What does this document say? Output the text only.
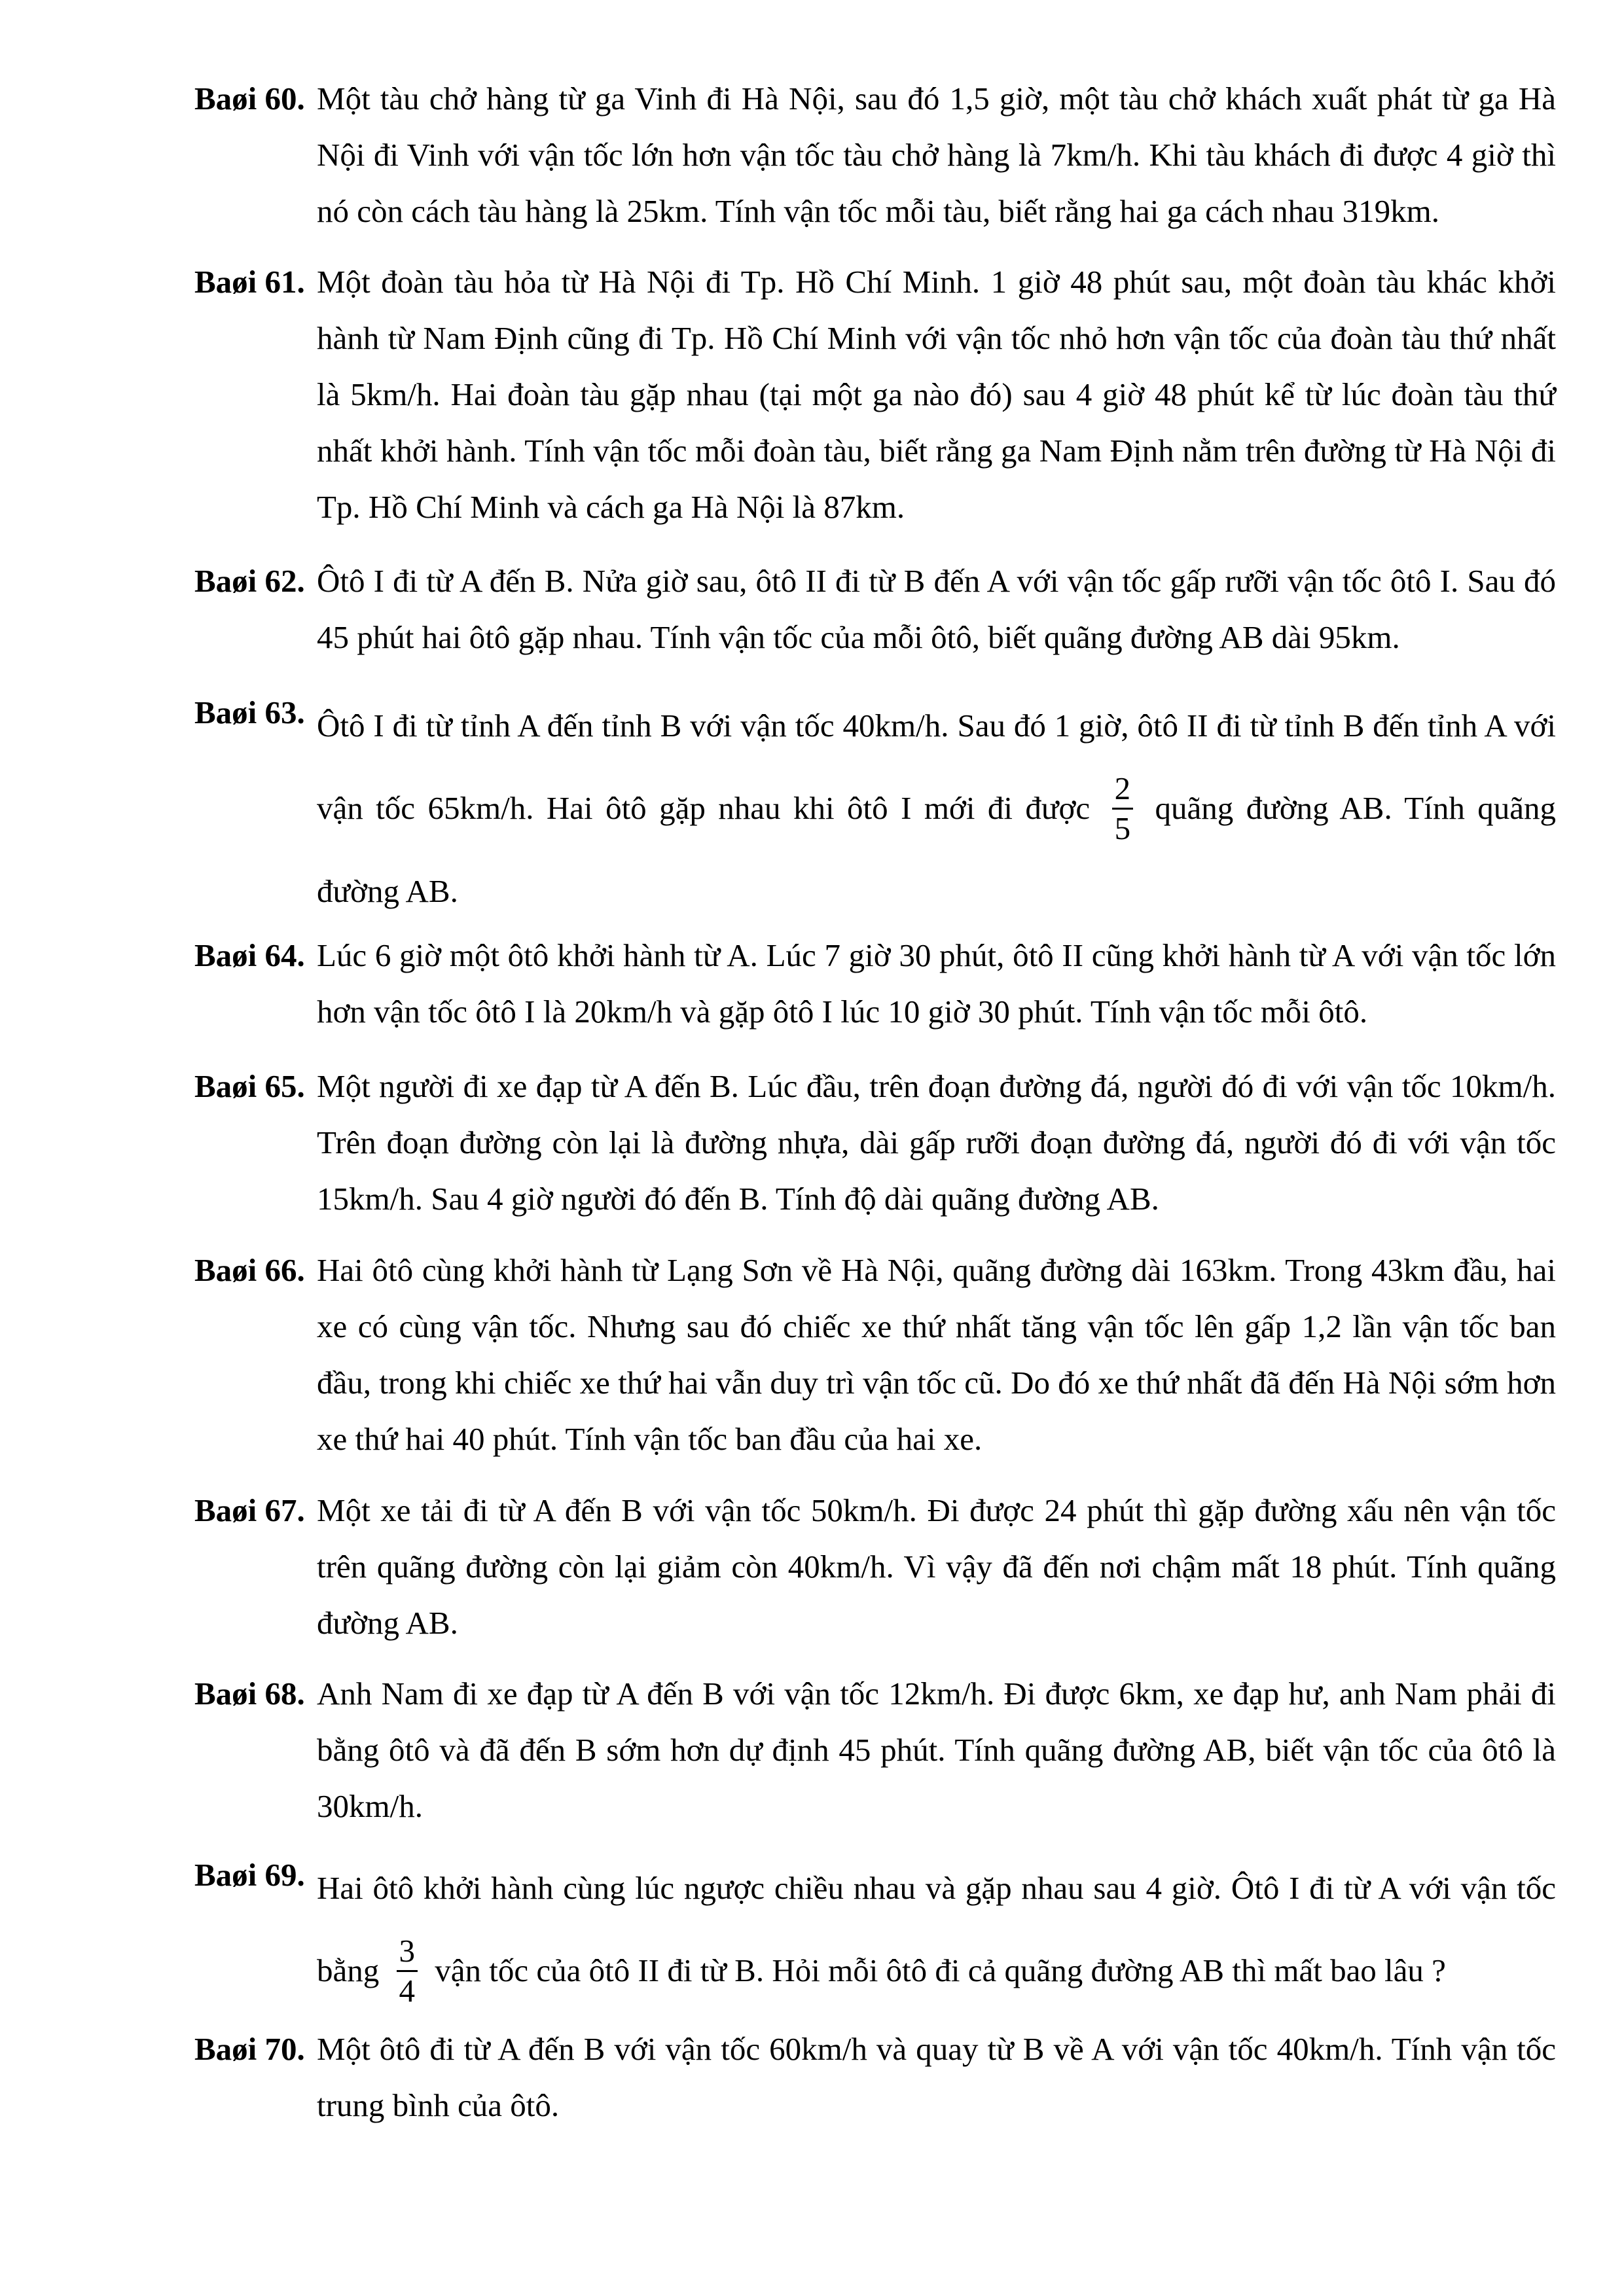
Baøi 60. Một tàu chở hàng từ ga Vinh đi Hà Nội, sau đó 1,5 giờ, một tàu chở khách xuất phát từ ga Hà Nội đi Vinh với vận tốc lớn hơn vận tốc tàu chở hàng là 7km/h. Khi tàu khách đi được 4 giờ thì nó còn cách tàu hàng là 25km. Tính vận tốc mỗi tàu, biết rằng hai ga cách nhau 319km.
Baøi 61. Một đoàn tàu hỏa từ Hà Nội đi Tp. Hồ Chí Minh. 1 giờ 48 phút sau, một đoàn tàu khác khởi hành từ Nam Định cũng đi Tp. Hồ Chí Minh với vận tốc nhỏ hơn vận tốc của đoàn tàu thứ nhất là 5km/h. Hai đoàn tàu gặp nhau (tại một ga nào đó) sau 4 giờ 48 phút kể từ lúc đoàn tàu thứ nhất khởi hành. Tính vận tốc mỗi đoàn tàu, biết rằng ga Nam Định nằm trên đường từ Hà Nội đi Tp. Hồ Chí Minh và cách ga Hà Nội là 87km.
Baøi 62. Ôtô I đi từ A đến B. Nửa giờ sau, ôtô II đi từ B đến A với vận tốc gấp rưỡi vận tốc ôtô I. Sau đó 45 phút hai ôtô gặp nhau. Tính vận tốc của mỗi ôtô, biết quãng đường AB dài 95km.
Baøi 63. Ôtô I đi từ tỉnh A đến tỉnh B với vận tốc 40km/h. Sau đó 1 giờ, ôtô II đi từ tỉnh B đến tỉnh A với vận tốc 65km/h. Hai ôtô gặp nhau khi ôtô I mới đi được $\frac{2}{5}$ quãng đường AB. Tính quãng đường AB.
Baøi 64. Lúc 6 giờ một ôtô khởi hành từ A. Lúc 7 giờ 30 phút, ôtô II cũng khởi hành từ A với vận tốc lớn hơn vận tốc ôtô I là 20km/h và gặp ôtô I lúc 10 giờ 30 phút. Tính vận tốc mỗi ôtô.
Baøi 65. Một người đi xe đạp từ A đến B. Lúc đầu, trên đoạn đường đá, người đó đi với vận tốc 10km/h. Trên đoạn đường còn lại là đường nhựa, dài gấp rưỡi đoạn đường đá, người đó đi với vận tốc 15km/h. Sau 4 giờ người đó đến B. Tính độ dài quãng đường AB.
Baøi 66. Hai ôtô cùng khởi hành từ Lạng Sơn về Hà Nội, quãng đường dài 163km. Trong 43km đầu, hai xe có cùng vận tốc. Nhưng sau đó chiếc xe thứ nhất tăng vận tốc lên gấp 1,2 lần vận tốc ban đầu, trong khi chiếc xe thứ hai vẫn duy trì vận tốc cũ. Do đó xe thứ nhất đã đến Hà Nội sớm hơn xe thứ hai 40 phút. Tính vận tốc ban đầu của hai xe.
Baøi 67. Một xe tải đi từ A đến B với vận tốc 50km/h. Đi được 24 phút thì gặp đường xấu nên vận tốc trên quãng đường còn lại giảm còn 40km/h. Vì vậy đã đến nơi chậm mất 18 phút. Tính quãng đường AB.
Baøi 68. Anh Nam đi xe đạp từ A đến B với vận tốc 12km/h. Đi được 6km, xe đạp hư, anh Nam phải đi bằng ôtô và đã đến B sớm hơn dự định 45 phút. Tính quãng đường AB, biết vận tốc của ôtô là 30km/h.
Baøi 69. Hai ôtô khởi hành cùng lúc ngược chiều nhau và gặp nhau sau 4 giờ. Ôtô I đi từ A với vận tốc bằng $\frac{3}{4}$ vận tốc của ôtô II đi từ B. Hỏi mỗi ôtô đi cả quãng đường AB thì mất bao lâu ?
Baøi 70. Một ôtô đi từ A đến B với vận tốc 60km/h và quay từ B về A với vận tốc 40km/h. Tính vận tốc trung bình của ôtô.
